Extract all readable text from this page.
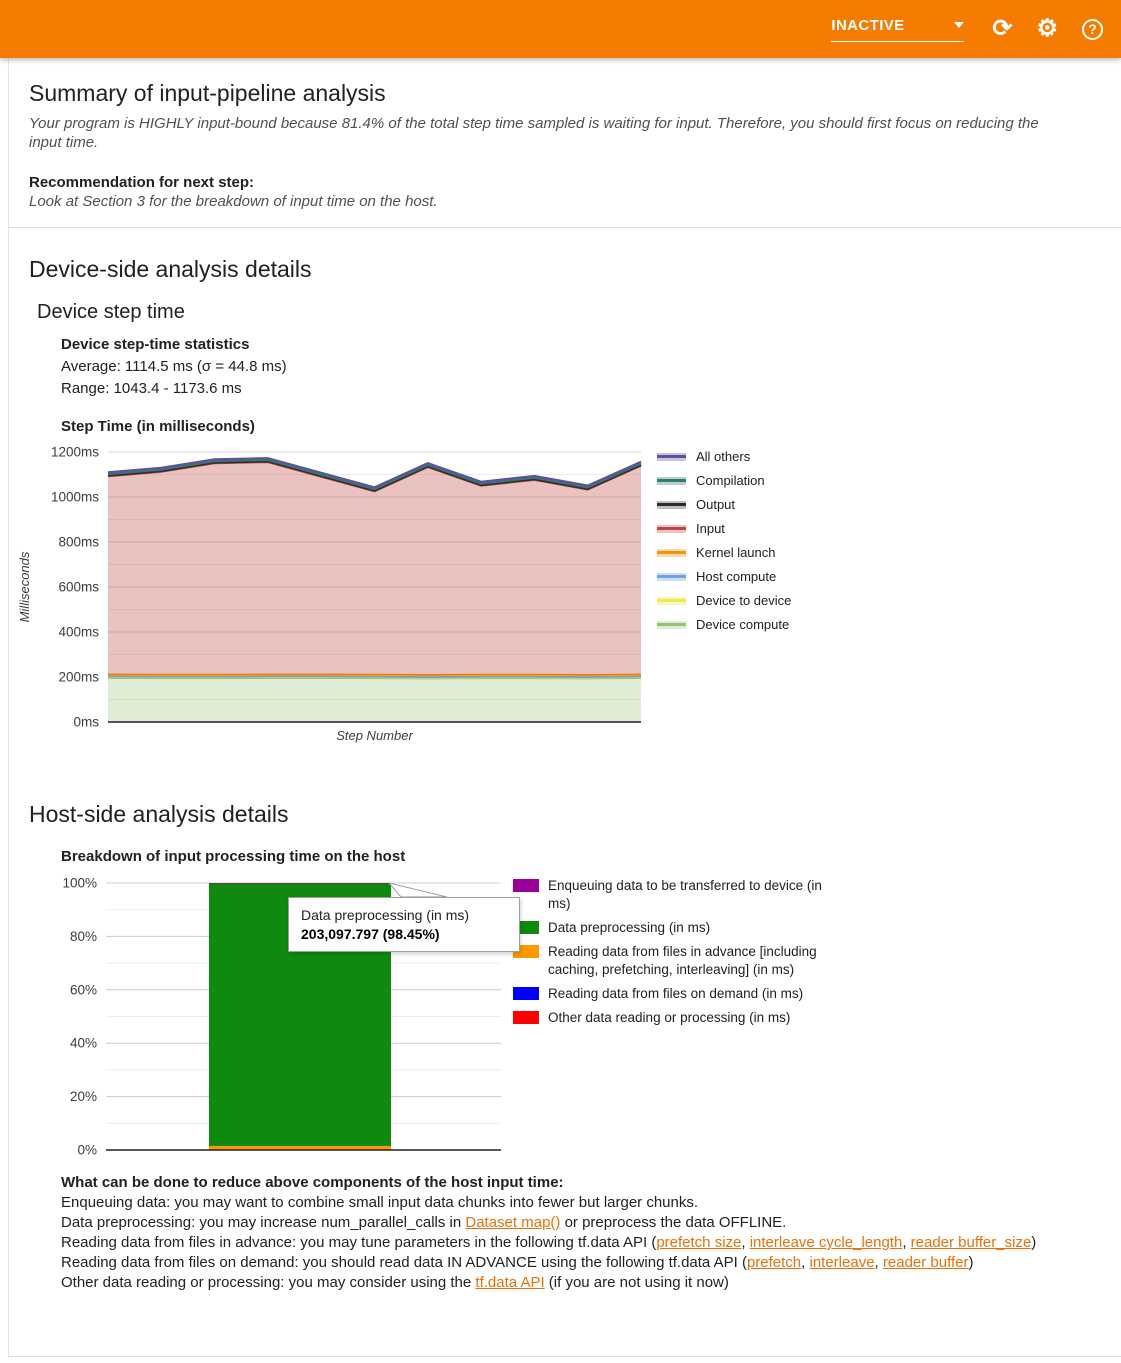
INACTIVE	⟳ ⚙	?
Summary of input-pipeline analysis

Your program is HIGHLY input-bound because 81.4% of the total step time sampled is waiting for input. Therefore, you should first focus on reducing the input time.

Recommendation for next step:

Look at Section 3 for the breakdown of input time on the host.

Device-side analysis details
Device step time
Device step-time statistics
Average: 1114.5 ms (σ = 44.8 ms)
Range: 1043.4 - 1173.6 ms
Step Time (in milliseconds)
0ms
200ms
400ms
600ms
800ms
1000ms
1200ms
Milliseconds
Step Number
All others
Compilation
Output
Input
Kernel launch
Host compute
Device to device
Device compute
Host-side analysis details
Breakdown of input processing time on the host
0%
20%
40%
60%
80%
100%	Enqueuing data to be transferred to device (in ms)
Data preprocessing (in ms)
Reading data from files in advance [including caching, prefetching, interleaving] (in ms)
Reading data from files on demand (in ms)
Other data reading or processing (in ms)
Data preprocessing (in ms)
203,097.797 (98.45%)
What can be done to reduce above components of the host input time:
Enqueuing data: you may want to combine small input data chunks into fewer but larger chunks.
Data preprocessing: you may increase num_parallel_calls in Dataset map() or preprocess the data OFFLINE.
Reading data from files in advance: you may tune parameters in the following tf.data API (prefetch size, interleave cycle_length, reader buffer_size)
Reading data from files on demand: you should read data IN ADVANCE using the following tf.data API (prefetch, interleave, reader buffer)
Other data reading or processing: you may consider using the tf.data API (if you are not using it now)
